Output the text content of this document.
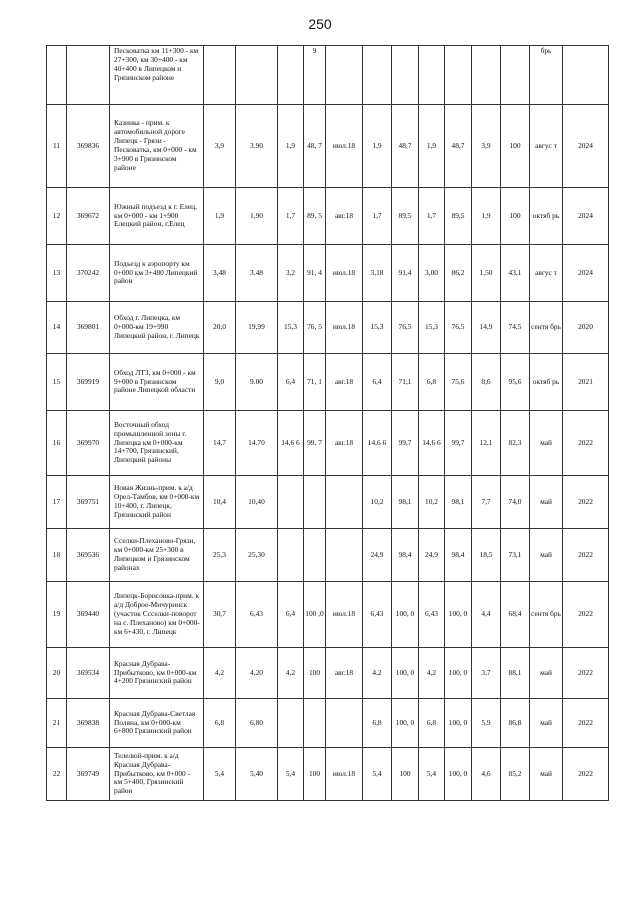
250
		Песковатка км 11+300 - км 27+300, км 30+400 - км 40+400 в Липецком и Грязинском районе				9								брь	
11	369836	Казинка - прим. к автомобильной дороге Липецк - Грязи - Песковатка, км 0+000 - км 3+900 в Грязинском районе	3,9	3.90	1,9	48, 7	июл.18	1,9	48,7	1,9	48,7	3,9	100	авгус т	2024
12	369672	Южный подъезд к г. Елец, км 0+000 - км 1+900 Елецкий район, г.Елец	1,9	1,90	1,7	89, 5	авг.18	1,7	89,5	1,7	89,5	1,9	100	октяб рь	2024
13	370242	Подъезд к аэропорту км 0+000 км 3+480 Липецкий район	3,48	3.48	3,2	91, 4	июл.18	3,18	91,4	3,00	86,2	1,50	43,1	авгус т	2024
14	369801	Обход г. Липецка, км 0+000-км 19+990 Липецкий район, г. Липецк	20,0	19,99	15,3	76, 5	июл.18	15,3	76,5	15,3	76,5	14,9	74,5	сентя брь	2020
15	369919	Обход ЛТЗ, км 0+000 - км 9+000 в Грязинском районе Липецкой области	9,0	9.00	6,4	71, 1	авг.18	6,4	71,1	6,8	75,6	8,6	95,6	октяб рь	2021
16	369970	Восточный обход промышленной зоны г. Липецка км 0+000-км 14+700, Грязинский, Липецкий районы	14,7	14.70	14,6 6	99, 7	авг.18	14,6 6	99,7	14,6 6	99,7	12,1	82,3	май	2022
17	369751	Новая Жизнь-прим. к а/д Орел-Тамбов, км 0+000-км 10+400, г. Липецк, Грязинский район	10,4	10,40				10,2	98,1	10,2	98,1	7,7	74,0	май	2022
18	369536	Сселки-Плеханово-Грязи, км 0+000-км 25+300 в Липецком и Грязинском районах	25,3	25,30				24,9	98,4	24,9	98,4	18,5	73,1	май	2022
19	369440	Липецк-Борисовка-прим. к а/д Доброе-Мичуринск (участок Ссселки-поворот на с. Плеханово) км 0+000-км 6+430, г. Липецк	30,7	6,43	6,4	100 ,0	июл.18	6,43	100, 0	6,43	100, 0	4,4	68,4	сентя брь	2022
20	369534	Красная Дубрава-Прибытково, км 0+000-км 4+200 Грязинский район	4,2	4,20	4,2	100	авг.18	4,2	100, 0	4,2	100, 0	3,7	88,1	май	2022
21	369838	Красная Дубрава-Светлая Поляна, км 0+000-км 6+800 Грязинский район	6,8	6,80				6,8	100, 0	6,8	100, 0	5,9	86,8	май	2022
22	369749	Телелюй-прим. к а/д Красная Дубрава-Прибытково, км 0+000 - км 5+400, Грязинский район	5,4	5,40	5,4	100	июл.18	5,4	100	5,4	100, 0	4,6	85,2	май	2022
